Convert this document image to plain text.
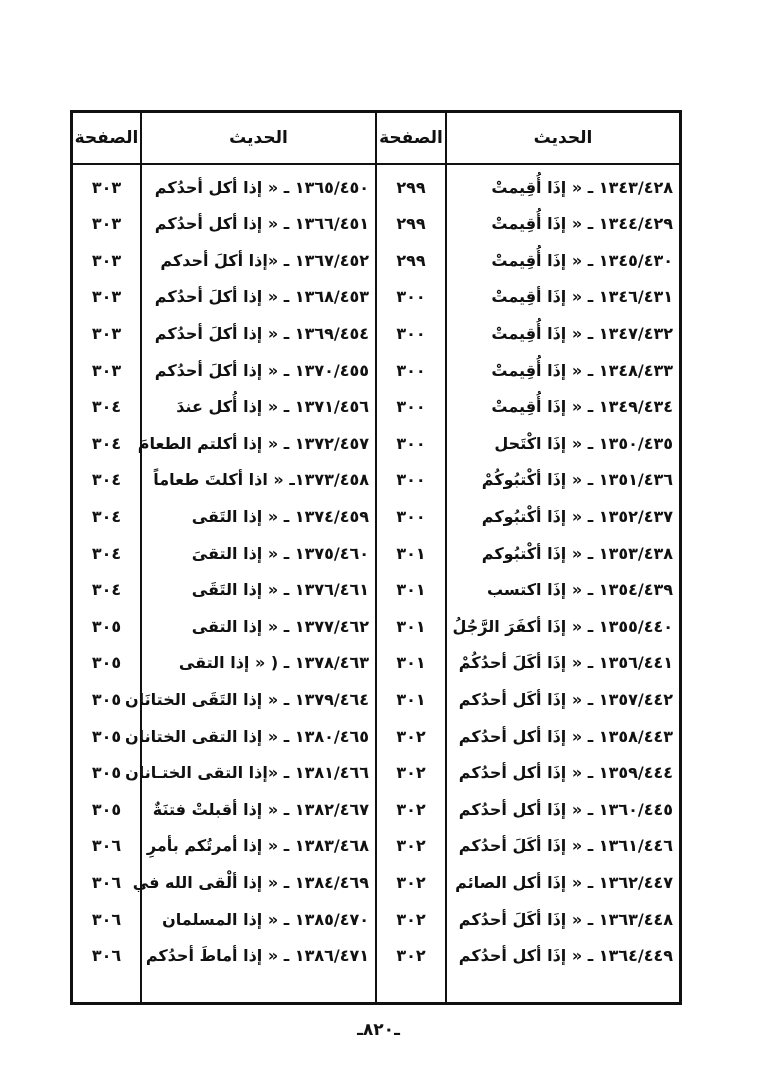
الحديث
الصفحة
الحديث
الصفحة
١٣٤٣/٤٢٨ ـ « إذَا أُقِيمتْ
٢٩٩
١٣٦٥/٤٥٠ ـ « إذا أكل أحدُكم
٣٠٣
١٣٤٤/٤٢٩ ـ « إذَا أُقِيمتْ
٢٩٩
١٣٦٦/٤٥١ ـ « إذا أكل أحدُكم
٣٠٣
١٣٤٥/٤٣٠ ـ « إذَا أُقِيمتْ
٢٩٩
١٣٦٧/٤٥٢ ـ «إذا أكلَ أحدكم
٣٠٣
١٣٤٦/٤٣١ ـ « إذَا أقِيمتْ
٣٠٠
١٣٦٨/٤٥٣ ـ « إذا أكلَ أحدُكم
٣٠٣
١٣٤٧/٤٣٢ ـ « إذَا أُقِيمتْ
٣٠٠
١٣٦٩/٤٥٤ ـ « إذا أكلَ أحدُكم
٣٠٣
١٣٤٨/٤٣٣ ـ « إذَا أُقِيمتْ
٣٠٠
١٣٧٠/٤٥٥ ـ « إذا أكلَ أحدُكم
٣٠٣
١٣٤٩/٤٣٤ ـ « إذَا أُقِيمتْ
٣٠٠
١٣٧١/٤٥٦ ـ « إذا أُكل عندَ
٣٠٤
١٣٥٠/٤٣٥ ـ « إذَا اكْتَحل
٣٠٠
١٣٧٢/٤٥٧ ـ « إذا أكلتم الطعامَ
٣٠٤
١٣٥١/٤٣٦ ـ « إذَا أكْتبُوكُمْ
٣٠٠
١٣٧٣/٤٥٨ـ « اذا أكلتَ طعاماً
٣٠٤
١٣٥٢/٤٣٧ ـ « إذَا أكْتبُوكم
٣٠٠
١٣٧٤/٤٥٩ ـ « إذا التَقى
٣٠٤
١٣٥٣/٤٣٨ ـ « إذَا أكْتبُوكم
٣٠١
١٣٧٥/٤٦٠ ـ « إذا التقىَ
٣٠٤
١٣٥٤/٤٣٩ ـ « إذَا اكتسب
٣٠١
١٣٧٦/٤٦١ ـ « إذا التَقَى
٣٠٤
١٣٥٥/٤٤٠ ـ « إذَا أكفَرَ الرَّجُلُ
٣٠١
١٣٧٧/٤٦٢ ـ « إذا التقى
٣٠٥
١٣٥٦/٤٤١ ـ « إذَا أكَلَ أحدُكُمْ
٣٠١
١٣٧٨/٤٦٣ ـ ( « إذا التقى
٣٠٥
١٣٥٧/٤٤٢ ـ « إذَا أكَل أحدُكم
٣٠١
١٣٧٩/٤٦٤ ـ « إذا التَقَى الختانَان
٣٠٥
١٣٥٨/٤٤٣ ـ « إذَا أكل أحدُكم
٣٠٢
١٣٨٠/٤٦٥ ـ « إذا التقى الختانان
٣٠٥
١٣٥٩/٤٤٤ ـ « إذَا أكل أحدُكم
٣٠٢
١٣٨١/٤٦٦ ـ «إذا التقى الختـانان
٣٠٥
١٣٦٠/٤٤٥ ـ « إذَا أكل أحدُكم
٣٠٢
١٣٨٢/٤٦٧ ـ « إذا أقبلتْ فتنَةٌ
٣٠٥
١٣٦١/٤٤٦ ـ « إذَا أكَلَ أحدُكم
٣٠٢
١٣٨٣/٤٦٨ ـ « إذا أمرتُكم بأمرِ
٣٠٦
١٣٦٢/٤٤٧ ـ « إذَا أكل الصائم
٣٠٢
١٣٨٤/٤٦٩ ـ « إذا ألْقى الله في
٣٠٦
١٣٦٣/٤٤٨ ـ « إذَا أكَلَ أحدُكم
٣٠٢
١٣٨٥/٤٧٠ ـ « إذا المسلمان
٣٠٦
١٣٦٤/٤٤٩ ـ « إذَا أكل أحدُكم
٣٠٢
١٣٨٦/٤٧١ ـ « إذا أماطَ أحدُكم
٣٠٦
ـ٨٢٠ـ
